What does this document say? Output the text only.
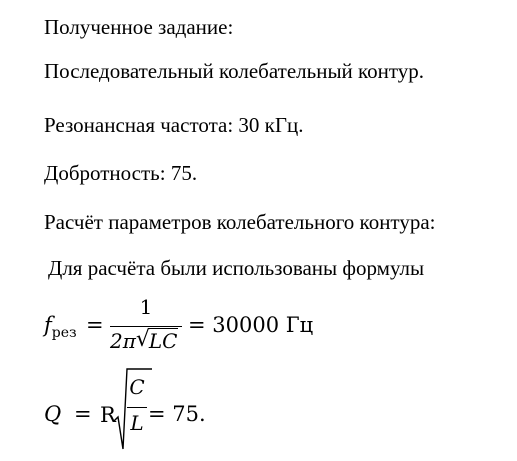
Полученное задание:
Последовательный колебательный контур.
Резонансная частота: 30 кГц.
Добротность: 75.
Расчёт параметров колебательного контура:
Для расчёта были использованы формулы
$f_{рез}$ =
1
2π √
LC
= 30000 Гц
Q = R
C
L = 75.
